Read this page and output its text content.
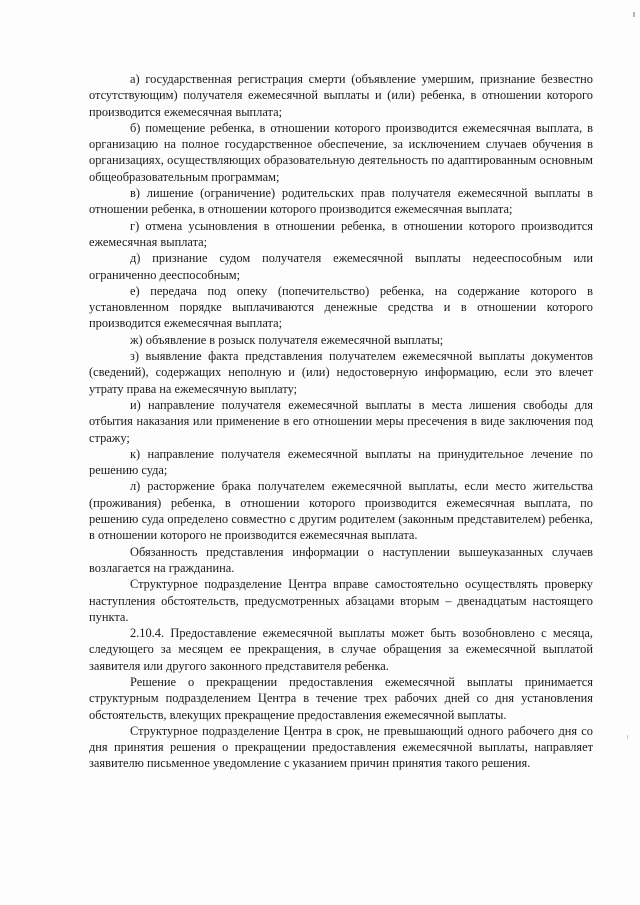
а) государственная регистрация смерти (объявление умершим, признание безвестно отсутствующим) получателя ежемесячной выплаты и (или) ребенка, в отношении которого производится ежемесячная выплата;

б) помещение ребенка, в отношении которого производится ежемесячная выплата, в организацию на полное государственное обеспечение, за исключением случаев обучения в организациях, осуществляющих образовательную деятельность по адаптированным основным общеобразовательным программам;

в) лишение (ограничение) родительских прав получателя ежемесячной выплаты в отношении ребенка, в отношении которого производится ежемесячная выплата;

г) отмена усыновления в отношении ребенка, в отношении которого производится ежемесячная выплата;

д) признание судом получателя ежемесячной выплаты недееспособным или ограниченно дееспособным;

е) передача под опеку (попечительство) ребенка, на содержание которого в установленном порядке выплачиваются денежные средства и в отношении которого производится ежемесячная выплата;

ж) объявление в розыск получателя ежемесячной выплаты;

з) выявление факта представления получателем ежемесячной выплаты документов (сведений), содержащих неполную и (или) недостоверную информацию, если это влечет утрату права на ежемесячную выплату;

и) направление получателя ежемесячной выплаты в места лишения свободы для отбытия наказания или применение в его отношении меры пресечения в виде заключения под стражу;

к) направление получателя ежемесячной выплаты на принудительное лечение по решению суда;

л) расторжение брака получателем ежемесячной выплаты, если место жительства (проживания) ребенка, в отношении которого производится ежемесячная выплата, по решению суда определено совместно с другим родителем (законным представителем) ребенка, в отношении которого не производится ежемесячная выплата.

Обязанность представления информации о наступлении вышеуказанных случаев возлагается на гражданина.

Структурное подразделение Центра вправе самостоятельно осуществлять проверку наступления обстоятельств, предусмотренных абзацами вторым – двенадцатым настоящего пункта.

2.10.4. Предоставление ежемесячной выплаты может быть возобновлено с месяца, следующего за месяцем ее прекращения, в случае обращения за ежемесячной выплатой заявителя или другого законного представителя ребенка.

Решение о прекращении предоставления ежемесячной выплаты принимается структурным подразделением Центра в течение трех рабочих дней со дня установления обстоятельств, влекущих прекращение предоставления ежемесячной выплаты.

Структурное подразделение Центра в срок, не превышающий одного рабочего дня со дня принятия решения о прекращении предоставления ежемесячной выплаты, направляет заявителю письменное уведомление с указанием причин принятия такого решения.
